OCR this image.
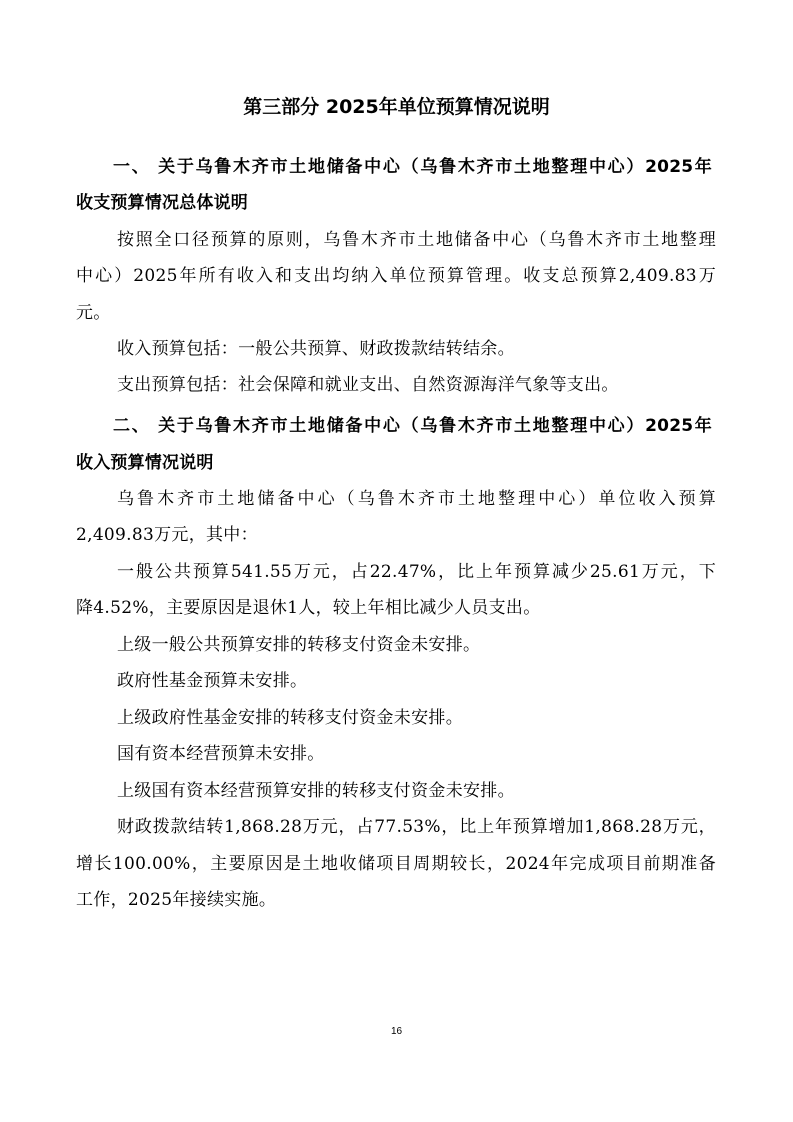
第三部分 2025年单位预算情况说明
一、 关于乌鲁木齐市土地储备中心（乌鲁木齐市土地整理中心）2025年
收支预算情况总体说明
按照全口径预算的原则，乌鲁木齐市土地储备中心（乌鲁木齐市土地整理
中心）2025年所有收入和支出均纳入单位预算管理。收支总预算2,409.83万
元。
收入预算包括：一般公共预算、财政拨款结转结余。
支出预算包括：社会保障和就业支出、自然资源海洋气象等支出。
二、 关于乌鲁木齐市土地储备中心（乌鲁木齐市土地整理中心）2025年
收入预算情况说明
乌鲁木齐市土地储备中心（乌鲁木齐市土地整理中心）单位收入预算
2,409.83万元，其中：
一般公共预算541.55万元，占22.47%，比上年预算减少25.61万元，下
降4.52%，主要原因是退休1人，较上年相比减少人员支出。
上级一般公共预算安排的转移支付资金未安排。
政府性基金预算未安排。
上级政府性基金安排的转移支付资金未安排。
国有资本经营预算未安排。
上级国有资本经营预算安排的转移支付资金未安排。
财政拨款结转1,868.28万元，占77.53%，比上年预算增加1,868.28万元，
增长100.00%，主要原因是土地收储项目周期较长，2024年完成项目前期准备
工作，2025年接续实施。
16
